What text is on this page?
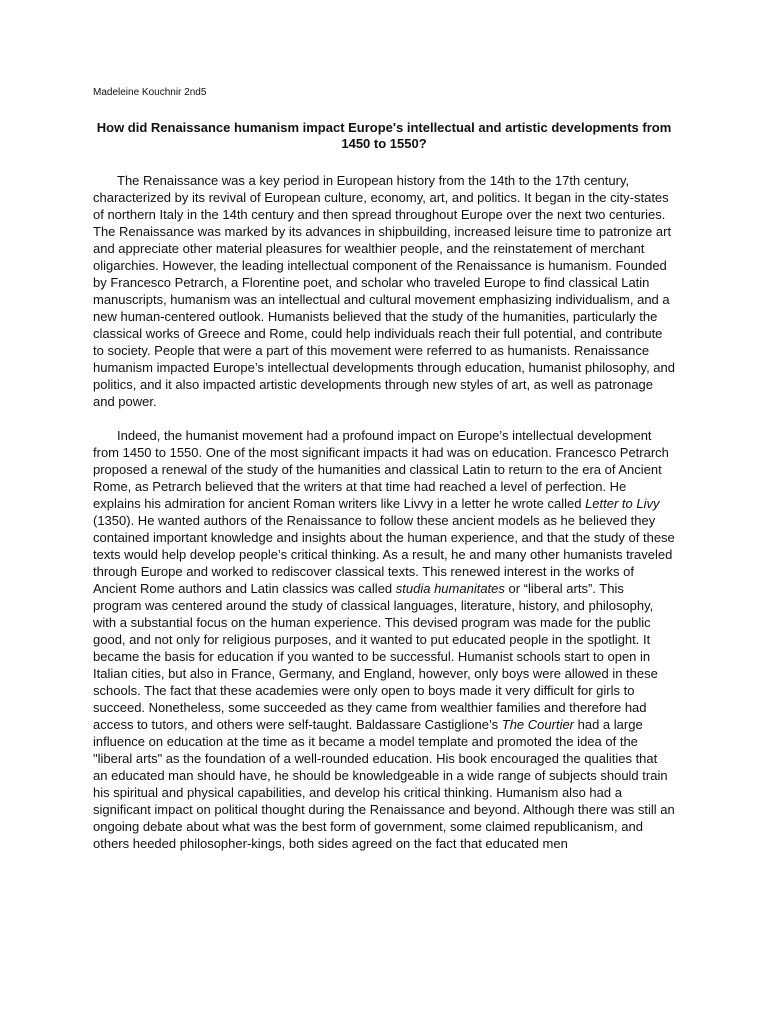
Madeleine Kouchnir 2nd5

How did Renaissance humanism impact Europe's intellectual and artistic developments from 1450 to 1550?

The Renaissance was a key period in European history from the 14th to the 17th century, characterized by its revival of European culture, economy, art, and politics. It began in the city-states of northern Italy in the 14th century and then spread throughout Europe over the next two centuries. The Renaissance was marked by its advances in shipbuilding, increased leisure time to patronize art and appreciate other material pleasures for wealthier people, and the reinstatement of merchant oligarchies. However, the leading intellectual component of the Renaissance is humanism. Founded by Francesco Petrarch, a Florentine poet, and scholar who traveled Europe to find classical Latin manuscripts, humanism was an intellectual and cultural movement emphasizing individualism, and a new human-centered outlook. Humanists believed that the study of the humanities, particularly the classical works of Greece and Rome, could help individuals reach their full potential, and contribute to society. People that were a part of this movement were referred to as humanists. Renaissance humanism impacted Europe’s intellectual developments through education, humanist philosophy, and politics, and it also impacted artistic developments through new styles of art, as well as patronage and power.

Indeed, the humanist movement had a profound impact on Europe’s intellectual development from 1450 to 1550. One of the most significant impacts it had was on education. Francesco Petrarch proposed a renewal of the study of the humanities and classical Latin to return to the era of Ancient Rome, as Petrarch believed that the writers at that time had reached a level of perfection. He explains his admiration for ancient Roman writers like Livvy in a letter he wrote called Letter to Livy (1350). He wanted authors of the Renaissance to follow these ancient models as he believed they contained important knowledge and insights about the human experience, and that the study of these texts would help develop people’s critical thinking. As a result, he and many other humanists traveled through Europe and worked to rediscover classical texts. This renewed interest in the works of Ancient Rome authors and Latin classics was called studia humanitates or “liberal arts”. This program was centered around the study of classical languages, literature, history, and philosophy, with a substantial focus on the human experience. This devised program was made for the public good, and not only for religious purposes, and it wanted to put educated people in the spotlight. It became the basis for education if you wanted to be successful. Humanist schools start to open in Italian cities, but also in France, Germany, and England, however, only boys were allowed in these schools. The fact that these academies were only open to boys made it very difficult for girls to succeed. Nonetheless, some succeeded as they came from wealthier families and therefore had access to tutors, and others were self-taught. Baldassare Castiglione’s The Courtier had a large influence on education at the time as it became a model template and promoted the idea of the "liberal arts" as the foundation of a well-rounded education. His book encouraged the qualities that an educated man should have, he should be knowledgeable in a wide range of subjects should train his spiritual and physical capabilities, and develop his critical thinking. Humanism also had a significant impact on political thought during the Renaissance and beyond. Although there was still an ongoing debate about what was the best form of government, some claimed republicanism, and others heeded philosopher-kings, both sides agreed on the fact that educated men
